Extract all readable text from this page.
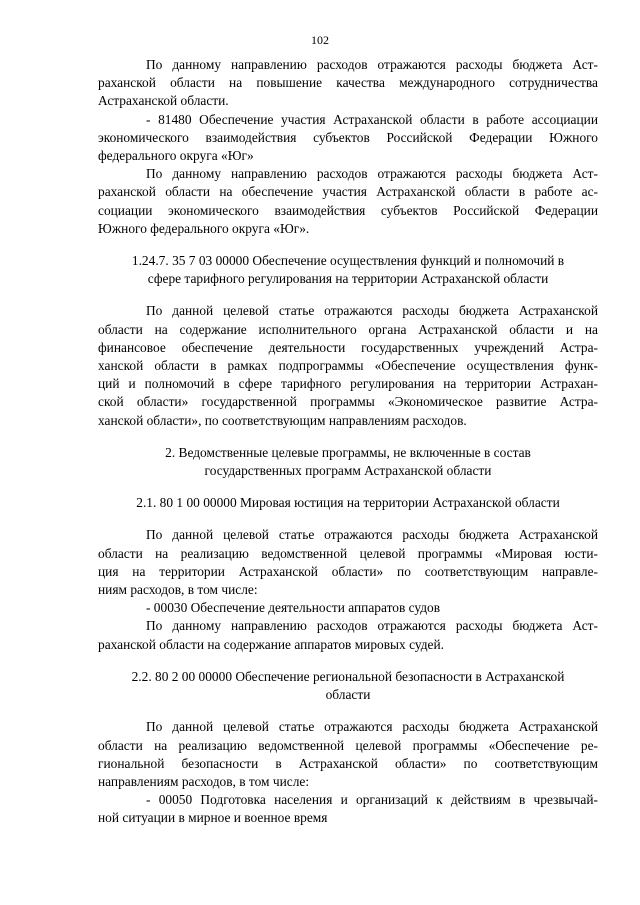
102
По данному направлению расходов отражаются расходы бюджета Аст-
раханской области на повышение качества международного сотрудничества
Астраханской области.
- 81480 Обеспечение участия Астраханской области в работе ассоциации
экономического взаимодействия субъектов Российской Федерации Южного
федерального округа «Юг»
По данному направлению расходов отражаются расходы бюджета Аст-
раханской области на обеспечение участия Астраханской области в работе ас-
социации экономического взаимодействия субъектов Российской Федерации
Южного федерального округа «Юг».
1.24.7. 35 7 03 00000 Обеспечение осуществления функций и полномочий в
сфере тарифного регулирования на территории Астраханской области
По данной целевой статье отражаются расходы бюджета Астраханской
области на содержание исполнительного органа Астраханской области и на
финансовое обеспечение деятельности государственных учреждений Астра-
ханской области в рамках подпрограммы «Обеспечение осуществления функ-
ций и полномочий в сфере тарифного регулирования на территории Астрахан-
ской области» государственной программы «Экономическое развитие Астра-
ханской области», по соответствующим направлениям расходов.
2. Ведомственные целевые программы, не включенные в состав
государственных программ Астраханской области
2.1. 80 1 00 00000 Мировая юстиция на территории Астраханской области
По данной целевой статье отражаются расходы бюджета Астраханской
области на реализацию ведомственной целевой программы «Мировая юсти-
ция на территории Астраханской области» по соответствующим направле-
ниям расходов, в том числе:
- 00030 Обеспечение деятельности аппаратов судов
По данному направлению расходов отражаются расходы бюджета Аст-
раханской области на содержание аппаратов мировых судей.
2.2. 80 2 00 00000 Обеспечение региональной безопасности в Астраханской
области
По данной целевой статье отражаются расходы бюджета Астраханской
области на реализацию ведомственной целевой программы «Обеспечение ре-
гиональной безопасности в Астраханской области» по соответствующим
направлениям расходов, в том числе:
- 00050 Подготовка населения и организаций к действиям в чрезвычай-
ной ситуации в мирное и военное время
